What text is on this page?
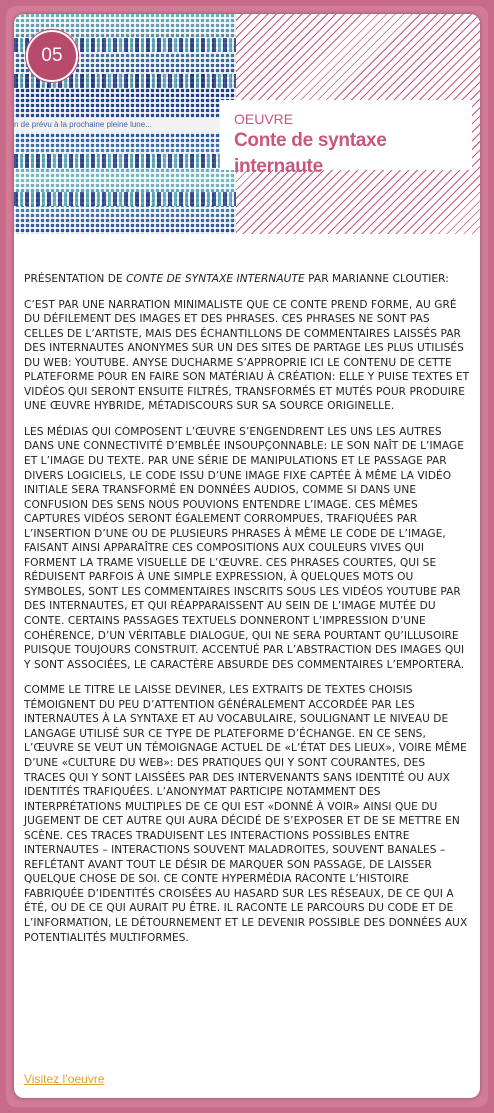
n de prévu à la prochaine pleine lune...
05
OEUVRE
Conte de syntaxe internaute

PRÉSENTATION DE CONTE DE SYNTAXE INTERNAUTE PAR MARIANNE CLOUTIER:

C’EST PAR UNE NARRATION MINIMALISTE QUE CE CONTE PREND FORME, AU GRÉ DU DÉFILEMENT DES IMAGES ET DES PHRASES. CES PHRASES NE SONT PAS CELLES DE L’ARTISTE, MAIS DES ÉCHANTILLONS DE COMMENTAIRES LAISSÉS PAR DES INTERNAUTES ANONYMES SUR UN DES SITES DE PARTAGE LES PLUS UTILISÉS DU WEB: YOUTUBE. ANYSE DUCHARME S’APPROPRIE ICI LE CONTENU DE CETTE PLATEFORME POUR EN FAIRE SON MATÉRIAU À CRÉATION: ELLE Y PUISE TEXTES ET VIDÉOS QUI SERONT ENSUITE FILTRÉS, TRANSFORMÉS ET MUTÉS POUR PRODUIRE UNE ŒUVRE HYBRIDE, MÉTADISCOURS SUR SA SOURCE ORIGINELLE.

LES MÉDIAS QUI COMPOSENT L’ŒUVRE S’ENGENDRENT LES UNS LES AUTRES DANS UNE CONNECTIVITÉ D’EMBLÉE INSOUPÇONNABLE: LE SON NAÎT DE L’IMAGE ET L’IMAGE DU TEXTE. PAR UNE SÉRIE DE MANIPULATIONS ET LE PASSAGE PAR DIVERS LOGICIELS, LE CODE ISSU D’UNE IMAGE FIXE CAPTÉE À MÊME LA VIDÉO INITIALE SERA TRANSFORMÉ EN DONNÉES AUDIOS, COMME SI DANS UNE CONFUSION DES SENS NOUS POUVIONS ENTENDRE L’IMAGE. CES MÊMES CAPTURES VIDÉOS SERONT ÉGALEMENT CORROMPUES, TRAFIQUÉES PAR L’INSERTION D’UNE OU DE PLUSIEURS PHRASES À MÊME LE CODE DE L’IMAGE, FAISANT AINSI APPARAÎTRE CES COMPOSITIONS AUX COULEURS VIVES QUI FORMENT LA TRAME VISUELLE DE L’ŒUVRE. CES PHRASES COURTES, QUI SE RÉDUISENT PARFOIS À UNE SIMPLE EXPRESSION, À QUELQUES MOTS OU SYMBOLES, SONT LES COMMENTAIRES INSCRITS SOUS LES VIDÉOS YOUTUBE PAR DES INTERNAUTES, ET QUI RÉAPPARAISSENT AU SEIN DE L’IMAGE MUTÉE DU CONTE. CERTAINS PASSAGES TEXTUELS DONNERONT L’IMPRESSION D’UNE COHÉRENCE, D’UN VÉRITABLE DIALOGUE, QUI NE SERA POURTANT QU’ILLUSOIRE PUISQUE TOUJOURS CONSTRUIT. ACCENTUÉ PAR L’ABSTRACTION DES IMAGES QUI Y SONT ASSOCIÉES, LE CARACTÈRE ABSURDE DES COMMENTAIRES L’EMPORTERA.

COMME LE TITRE LE LAISSE DEVINER, LES EXTRAITS DE TEXTES CHOISIS TÉMOIGNENT DU PEU D’ATTENTION GÉNÉRALEMENT ACCORDÉE PAR LES INTERNAUTES À LA SYNTAXE ET AU VOCABULAIRE, SOULIGNANT LE NIVEAU DE LANGAGE UTILISÉ SUR CE TYPE DE PLATEFORME D’ÉCHANGE. EN CE SENS, L’ŒUVRE SE VEUT UN TÉMOIGNAGE ACTUEL DE «L’ÉTAT DES LIEUX», VOIRE MÊME D’UNE «CULTURE DU WEB»: DES PRATIQUES QUI Y SONT COURANTES, DES TRACES QUI Y SONT LAISSÉES PAR DES INTERVENANTS SANS IDENTITÉ OU AUX IDENTITÉS TRAFIQUÉES. L’ANONYMAT PARTICIPE NOTAMMENT DES INTERPRÉTATIONS MULTIPLES DE CE QUI EST «DONNÉ À VOIR» AINSI QUE DU JUGEMENT DE CET AUTRE QUI AURA DÉCIDÉ DE S’EXPOSER ET DE SE METTRE EN SCÈNE. CES TRACES TRADUISENT LES INTERACTIONS POSSIBLES ENTRE INTERNAUTES – INTERACTIONS SOUVENT MALADROITES, SOUVENT BANALES – REFLÉTANT AVANT TOUT LE DÉSIR DE MARQUER SON PASSAGE, DE LAISSER QUELQUE CHOSE DE SOI. CE CONTE HYPERMÉDIA RACONTE L’HISTOIRE FABRIQUÉE D’IDENTITÉS CROISÉES AU HASARD SUR LES RÉSEAUX, DE CE QUI A ÉTÉ, OU DE CE QUI AURAIT PU ÊTRE. IL RACONTE LE PARCOURS DU CODE ET DE L’INFORMATION, LE DÉTOURNEMENT ET LE DEVENIR POSSIBLE DES DONNÉES AUX POTENTIALITÉS MULTIFORMES.

Visitez l’oeuvre
